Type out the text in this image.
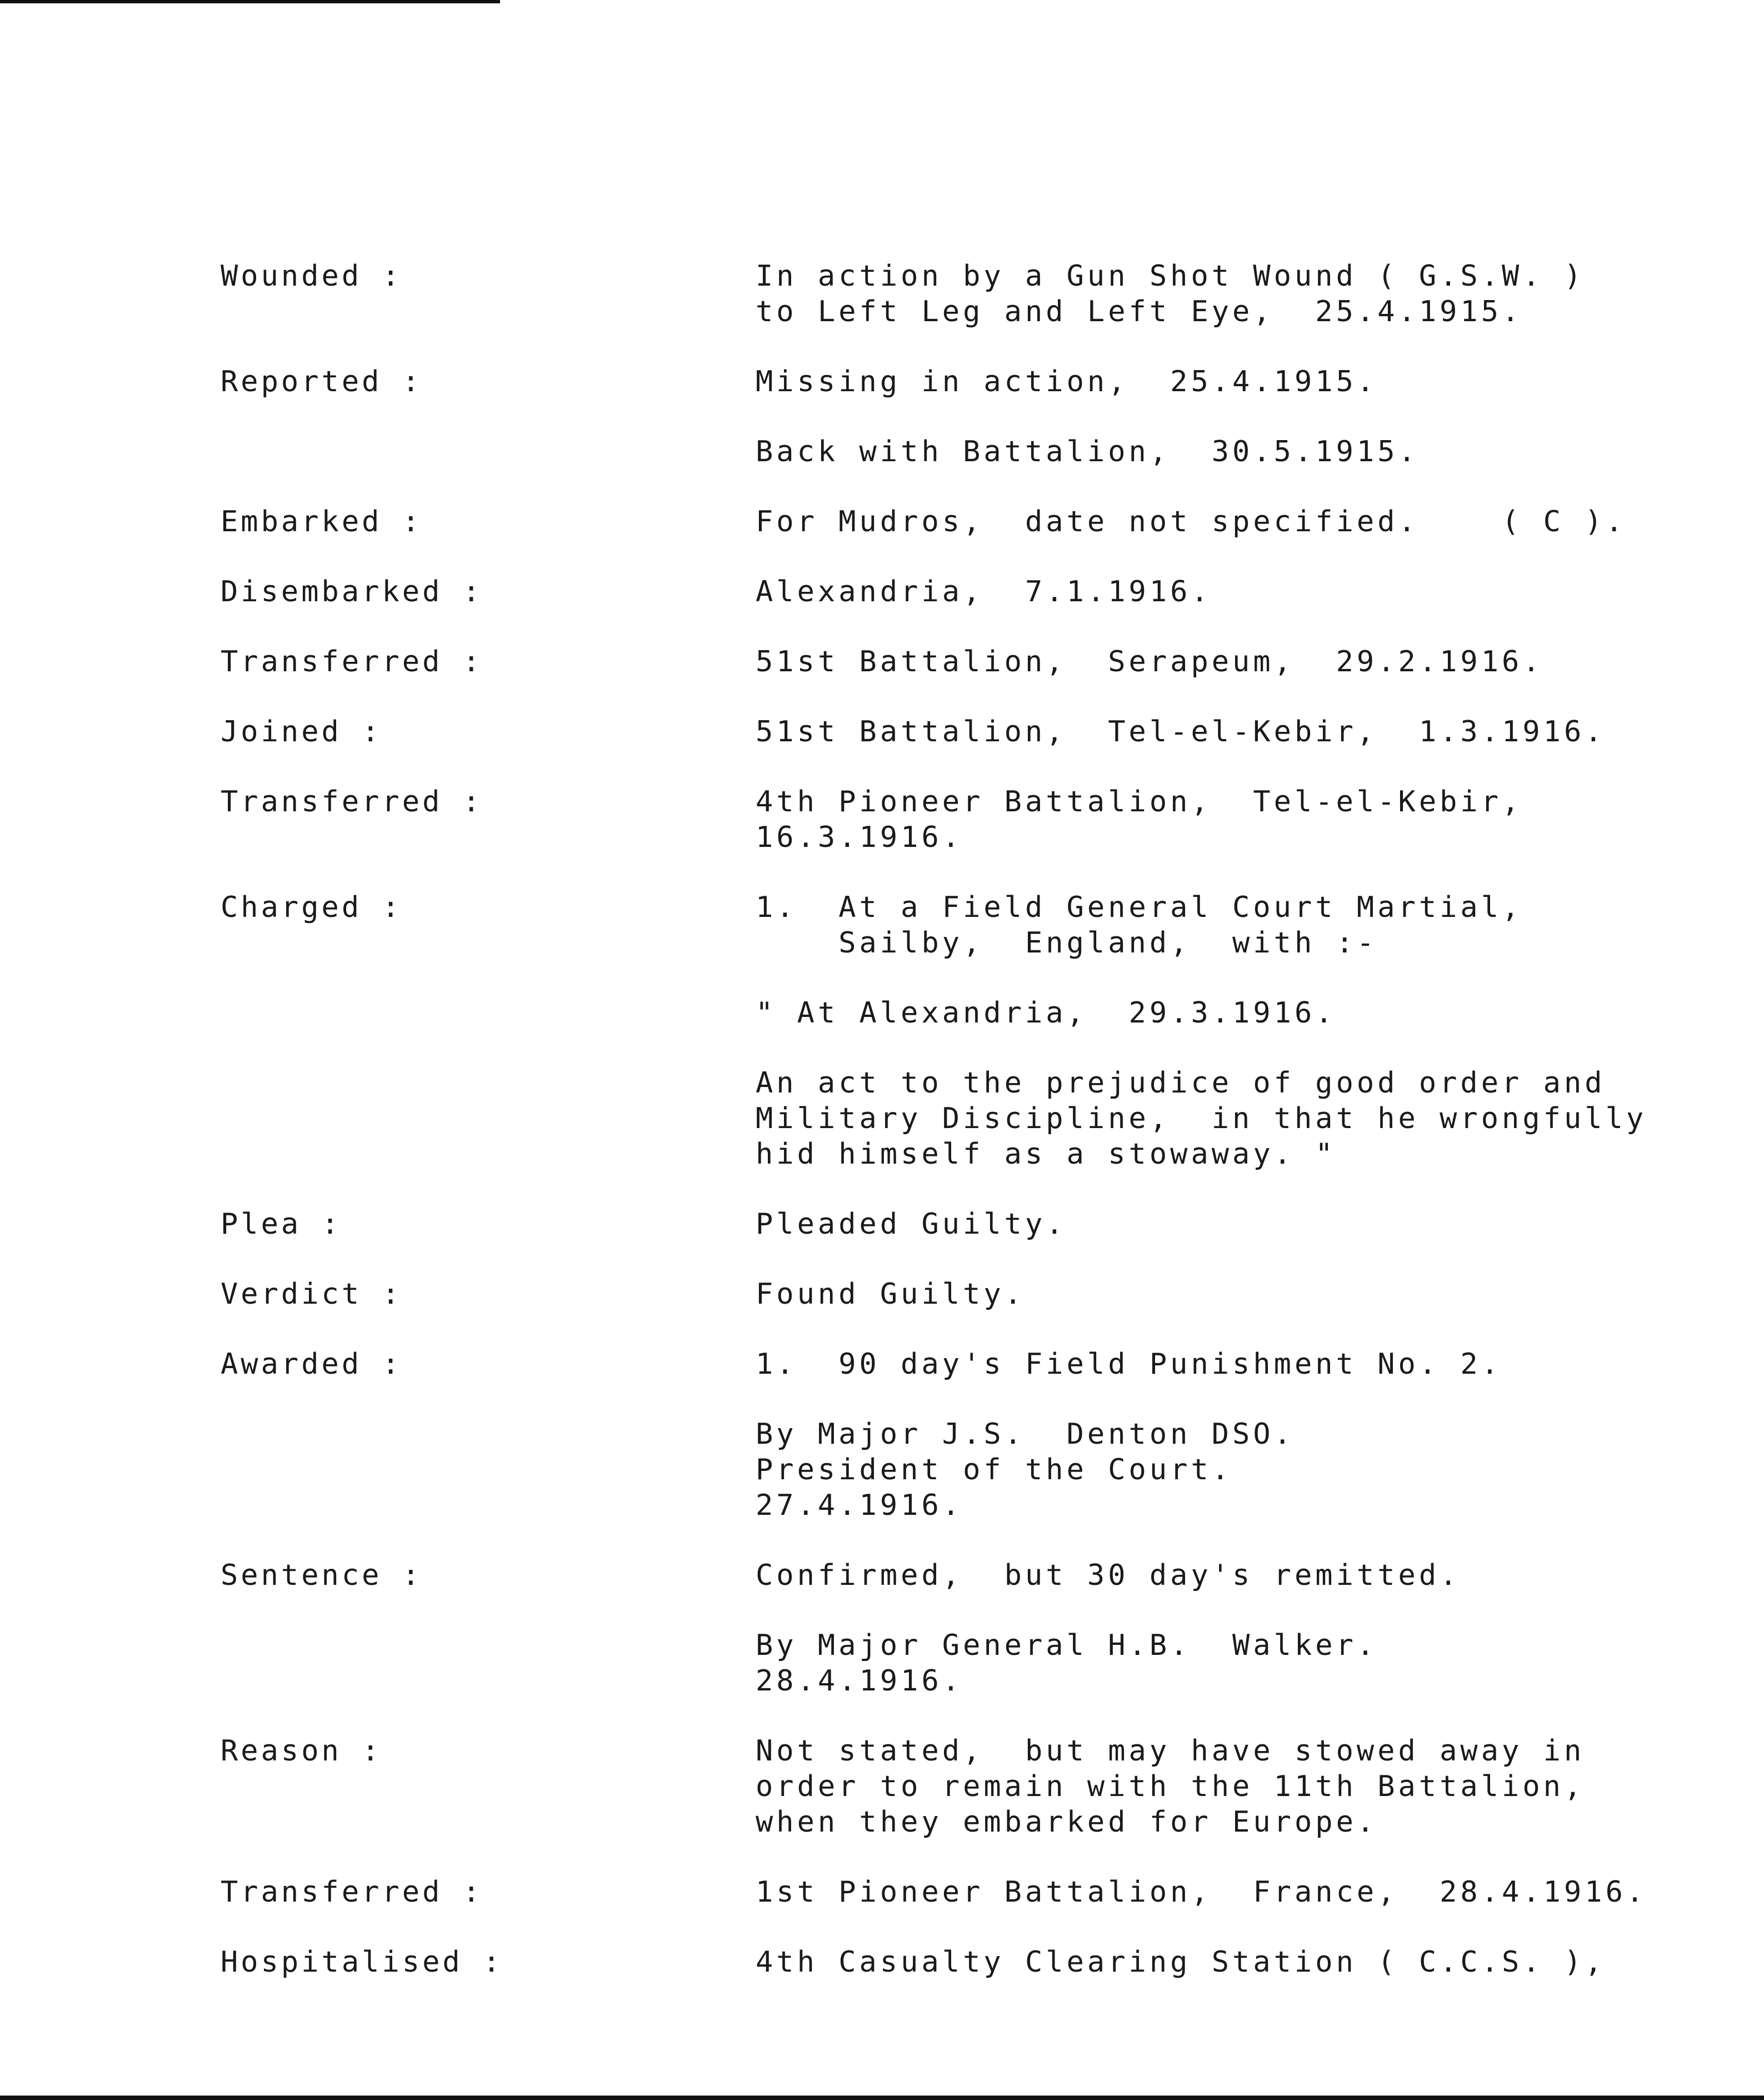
Wounded :	In action by a Gun Shot Wound ( G.S.W. )
to Left Leg and Left Eye,  25.4.1915.
Reported :	Missing in action,  25.4.1915.
Back with Battalion,  30.5.1915.
Embarked :	For Mudros,  date not specified.    ( C ).
Disembarked :	Alexandria,  7.1.1916.
Transferred :	51st Battalion,  Serapeum,  29.2.1916.
Joined :	51st Battalion,  Tel-el-Kebir,  1.3.1916.
Transferred :	4th Pioneer Battalion,  Tel-el-Kebir,
16.3.1916.
Charged :	1.  At a Field General Court Martial,
Sailby,  England,  with :-
" At Alexandria,  29.3.1916.
An act to the prejudice of good order and
Military Discipline,  in that he wrongfully
hid himself as a stowaway. "
Plea :	Pleaded Guilty.
Verdict :	Found Guilty.
Awarded :	1.  90 day's Field Punishment No. 2.
By Major J.S.  Denton DSO.
President of the Court.
27.4.1916.
Sentence :	Confirmed,  but 30 day's remitted.
By Major General H.B.  Walker.
28.4.1916.
Reason :	Not stated,  but may have stowed away in
order to remain with the 11th Battalion,
when they embarked for Europe.
Transferred :	1st Pioneer Battalion,  France,  28.4.1916.
Hospitalised :	4th Casualty Clearing Station ( C.C.S. ),
